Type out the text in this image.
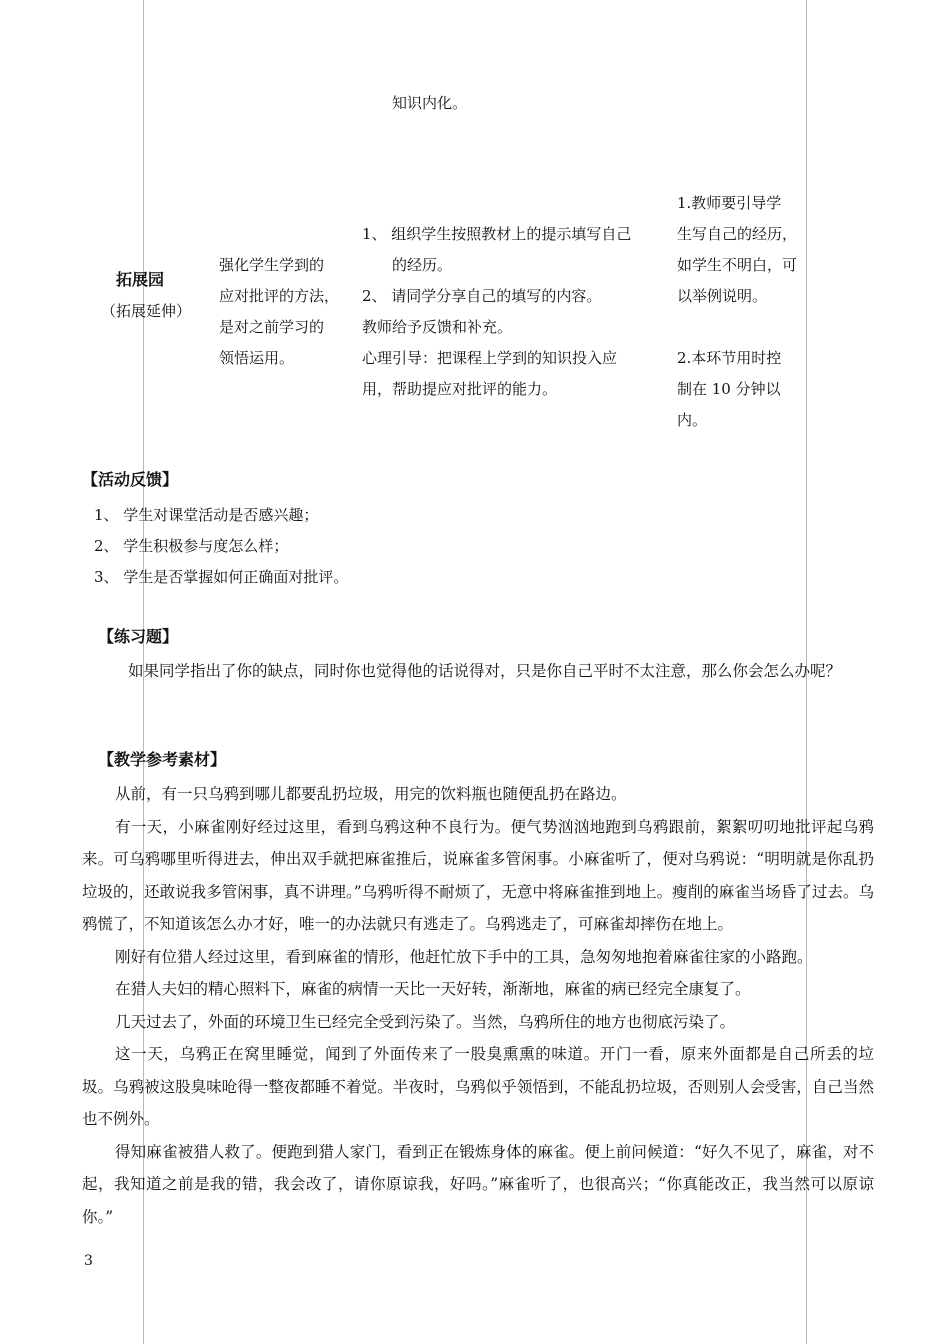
知识内化。
拓展园
（拓展延伸）
强化学生学到的
应对批评的方法，
是对之前学习的
领悟运用。
1、 组织学生按照教材上的提示填写自己
的经历。
2、 请同学分享自己的填写的内容。
教师给予反馈和补充。
心理引导：把课程上学到的知识投入应
用，帮助提应对批评的能力。
1.教师要引导学
生写自己的经历，
如学生不明白，可
以举例说明。
2.本环节用时控
制在 10 分钟以
内。
【活动反馈】
1、 学生对课堂活动是否感兴趣；
2、 学生积极参与度怎么样；
3、 学生是否掌握如何正确面对批评。
【练习题】
如果同学指出了你的缺点，同时你也觉得他的话说得对，只是你自己平时不太注意，那么你会怎么办呢？
【教学参考素材】
从前，有一只乌鸦到哪儿都要乱扔垃圾，用完的饮料瓶也随便乱扔在路边。
有一天，小麻雀刚好经过这里，看到乌鸦这种不良行为。便气势汹汹地跑到乌鸦跟前，絮絮叨叨地批评起乌鸦来。可乌鸦哪里听得进去，伸出双手就把麻雀推后，说麻雀多管闲事。小麻雀听了，便对乌鸦说：“明明就是你乱扔垃圾的，还敢说我多管闲事，真不讲理。”乌鸦听得不耐烦了，无意中将麻雀推到地上。瘦削的麻雀当场昏了过去。乌鸦慌了，不知道该怎么办才好，唯一的办法就只有逃走了。乌鸦逃走了，可麻雀却摔伤在地上。
刚好有位猎人经过这里，看到麻雀的情形，他赶忙放下手中的工具，急匆匆地抱着麻雀往家的小路跑。
在猎人夫妇的精心照料下，麻雀的病情一天比一天好转，渐渐地，麻雀的病已经完全康复了。
几天过去了，外面的环境卫生已经完全受到污染了。当然，乌鸦所住的地方也彻底污染了。
这一天，乌鸦正在窝里睡觉，闻到了外面传来了一股臭熏熏的味道。开门一看，原来外面都是自己所丢的垃圾。乌鸦被这股臭味呛得一整夜都睡不着觉。半夜时，乌鸦似乎领悟到，不能乱扔垃圾，否则别人会受害，自己当然也不例外。
得知麻雀被猎人救了。便跑到猎人家门，看到正在锻炼身体的麻雀。便上前问候道：“好久不见了，麻雀，对不起，我知道之前是我的错，我会改了，请你原谅我，好吗。”麻雀听了，也很高兴；“你真能改正，我当然可以原谅你。”
3
